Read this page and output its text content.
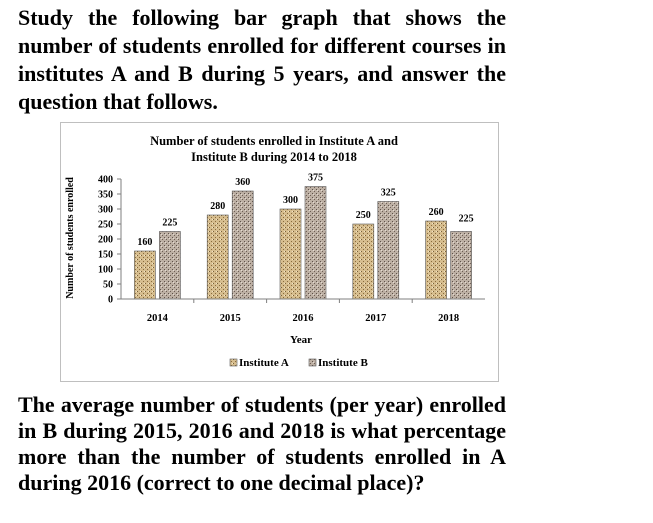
Study the following bar graph that shows the number of students enrolled for different courses in institutes A and B during 5 years, and answer the question that follows.

Number of students enrolled in Institute A and
Institute B during 2014 to 2018
Number of students enrolled
0
50
100
150
200
250
300
350
400
160
225
280
360
300
375
250
325
260
225
2014	2015	2016	2017	2018
Year
Institute A	Institute B

The average number of students (per year) enrolled in B during 2015, 2016 and 2018 is what percentage more than the number of students enrolled in A during 2016 (correct to one decimal place)?
